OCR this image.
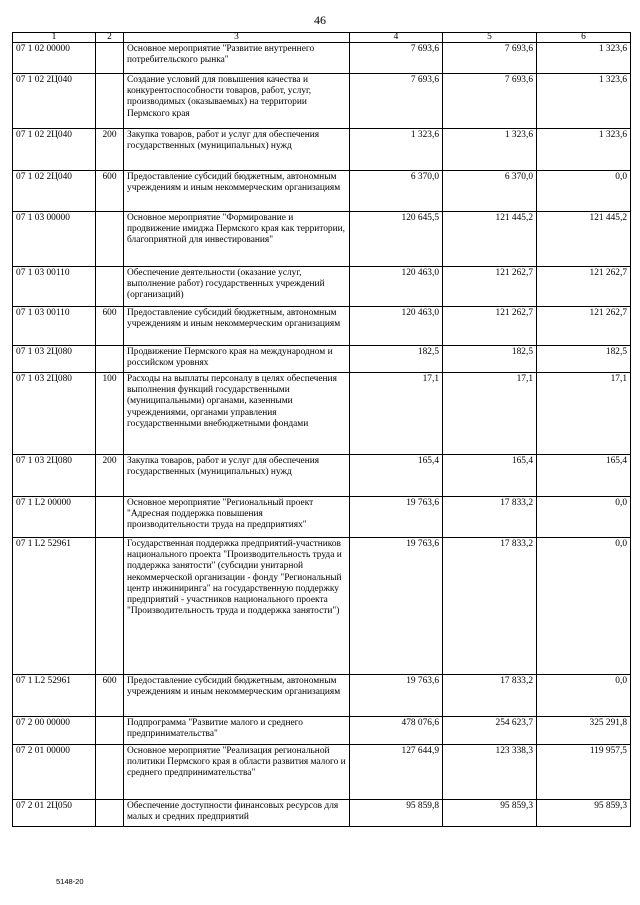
46
1	2	3	4	5	6
07 1 02 00000		Основное мероприятие "Развитие внутреннего потребительского рынка"	7 693,6	7 693,6	1 323,6
07 1 02 2Ц040		Создание условий для повышения качества и конкурентоспособности товаров, работ, услуг, производимых (оказываемых) на территории Пермского края	7 693,6	7 693,6	1 323,6
07 1 02 2Ц040	200	Закупка товаров, работ и услуг для обеспечения государственных (муниципальных) нужд	1 323,6	1 323,6	1 323,6
07 1 02 2Ц040	600	Предоставление субсидий бюджетным, автономным учреждениям и иным некоммерческим организациям	6 370,0	6 370,0	0,0
07 1 03 00000		Основное мероприятие "Формирование и продвижение имиджа Пермского края как территории, благоприятной для инвестирования"	120 645,5	121 445,2	121 445,2
07 1 03 00110		Обеспечение деятельности (оказание услуг, выполнение работ) государственных учреждений (организаций)	120 463,0	121 262,7	121 262,7
07 1 03 00110	600	Предоставление субсидий бюджетным, автономным учреждениям и иным некоммерческим организациям	120 463,0	121 262,7	121 262,7
07 1 03 2Ц080		Продвижение Пермского края на международном и российском уровнях	182,5	182,5	182,5
07 1 03 2Ц080	100	Расходы на выплаты персоналу в целях обеспечения выполнения функций государственными (муниципальными) органами, казенными учреждениями, органами управления государственными внебюджетными фондами	17,1	17,1	17,1
07 1 03 2Ц080	200	Закупка товаров, работ и услуг для обеспечения государственных (муниципальных) нужд	165,4	165,4	165,4
07 1 L2 00000		Основное мероприятие "Региональный проект "Адресная поддержка повышения производительности труда на предприятиях"	19 763,6	17 833,2	0,0
07 1 L2 52961		Государственная поддержка предприятий-участников национального проекта "Производительность труда и поддержка занятости" (субсидии унитарной некоммерческой организации - фонду "Региональный центр инжиниринга" на государственную поддержку предприятий - участников национального проекта "Производительность труда и поддержка занятости")	19 763,6	17 833,2	0,0
07 1 L2 52961	600	Предоставление субсидий бюджетным, автономным учреждениям и иным некоммерческим организациям	19 763,6	17 833,2	0,0
07 2 00 00000		Подпрограмма "Развитие малого и среднего предпринимательства"	478 076,6	254 623,7	325 291,8
07 2 01 00000		Основное мероприятие "Реализация региональной политики Пермского края в области развития малого и среднего предпринимательства"	127 644,9	123 338,3	119 957,5
07 2 01 2Ц050		Обеспечение доступности финансовых ресурсов для малых и средних предприятий	95 859,8	95 859,3	95 859,3
5148-20
